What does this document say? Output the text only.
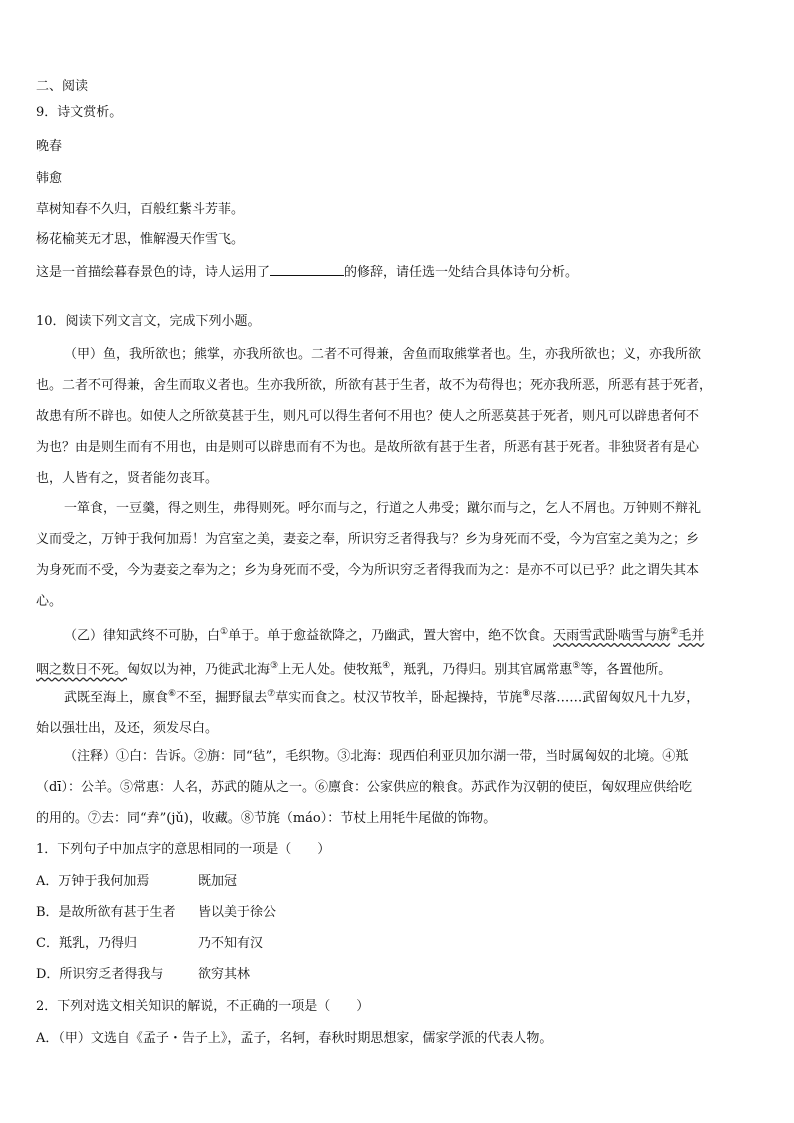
二、阅读
9．诗文赏析。
晚春
韩愈
草树知春不久归，百般红紫斗芳菲。
杨花榆荚无才思，惟解漫天作雪飞。
这是一首描绘暮春景色的诗，诗人运用了	的修辞，请任选一处结合具体诗句分析。
10．阅读下列文言文，完成下列小题。
（甲）鱼，我所欲也；熊掌，亦我所欲也。二者不可得兼，舍鱼而取熊掌者也。生，亦我所欲也；义，亦我所欲
也。二者不可得兼，舍生而取义者也。生亦我所欲，所欲有甚于生者，故不为苟得也；死亦我所恶，所恶有甚于死者，
故患有所不辟也。如使人之所欲莫甚于生，则凡可以得生者何不用也？使人之所恶莫甚于死者，则凡可以辟患者何不
为也？由是则生而有不用也，由是则可以辟患而有不为也。是故所欲有甚于生者，所恶有甚于死者。非独贤者有是心
也，人皆有之，贤者能勿丧耳。
一箪食，一豆羹，得之则生，弗得则死。呼尔而与之，行道之人弗受；蹴尔而与之，乞人不屑也。万钟则不辩礼
义而受之，万钟于我何加焉！为宫室之美，妻妾之奉，所识穷乏者得我与？乡为身死而不受，今为宫室之美为之；乡
为身死而不受，今为妻妾之奉为之；乡为身死而不受，今为所识穷乏者得我而为之：是亦不可以已乎？此之谓失其本
心。
（乙）律知武终不可胁，白①单于。单于愈益欲降之，乃幽武，置大窖中，绝不饮食。天雨雪武卧啮雪与旃②毛并
咽之数日不死。匈奴以为神，乃徙武北海③上无人处。使牧羝④，羝乳，乃得归。别其官属常惠⑤等，各置他所。
武既至海上，廪食⑥不至，掘野鼠去⑦草实而食之。杖汉节牧羊，卧起操持，节旄⑧尽落……武留匈奴凡十九岁，
始以强壮出，及还，须发尽白。
（注释）①白：告诉。②旃：同“毡”，毛织物。③北海：现西伯利亚贝加尔湖一带，当时属匈奴的北境。④羝
（dī）：公羊。⑤常惠：人名，苏武的随从之一。⑥廪食：公家供应的粮食。苏武作为汉朝的使臣，匈奴理应供给吃
的用的。⑦去：同“弆”(jǔ)，收藏。⑧节旄（máo）：节杖上用牦牛尾做的饰物。
1．下列句子中加点字的意思相同的一项是（　　）
A．万钟于我何加焉	既加冠
B．是故所欲有甚于生者 皆以美于徐公
C．羝乳，乃得归	乃不知有汉
D．所识穷乏者得我与	欲穷其林
2．下列对选文相关知识的解说，不正确的一项是（　　）
A．（甲）文选自《孟子・告子上》，孟子，名轲，春秋时期思想家，儒家学派的代表人物。
